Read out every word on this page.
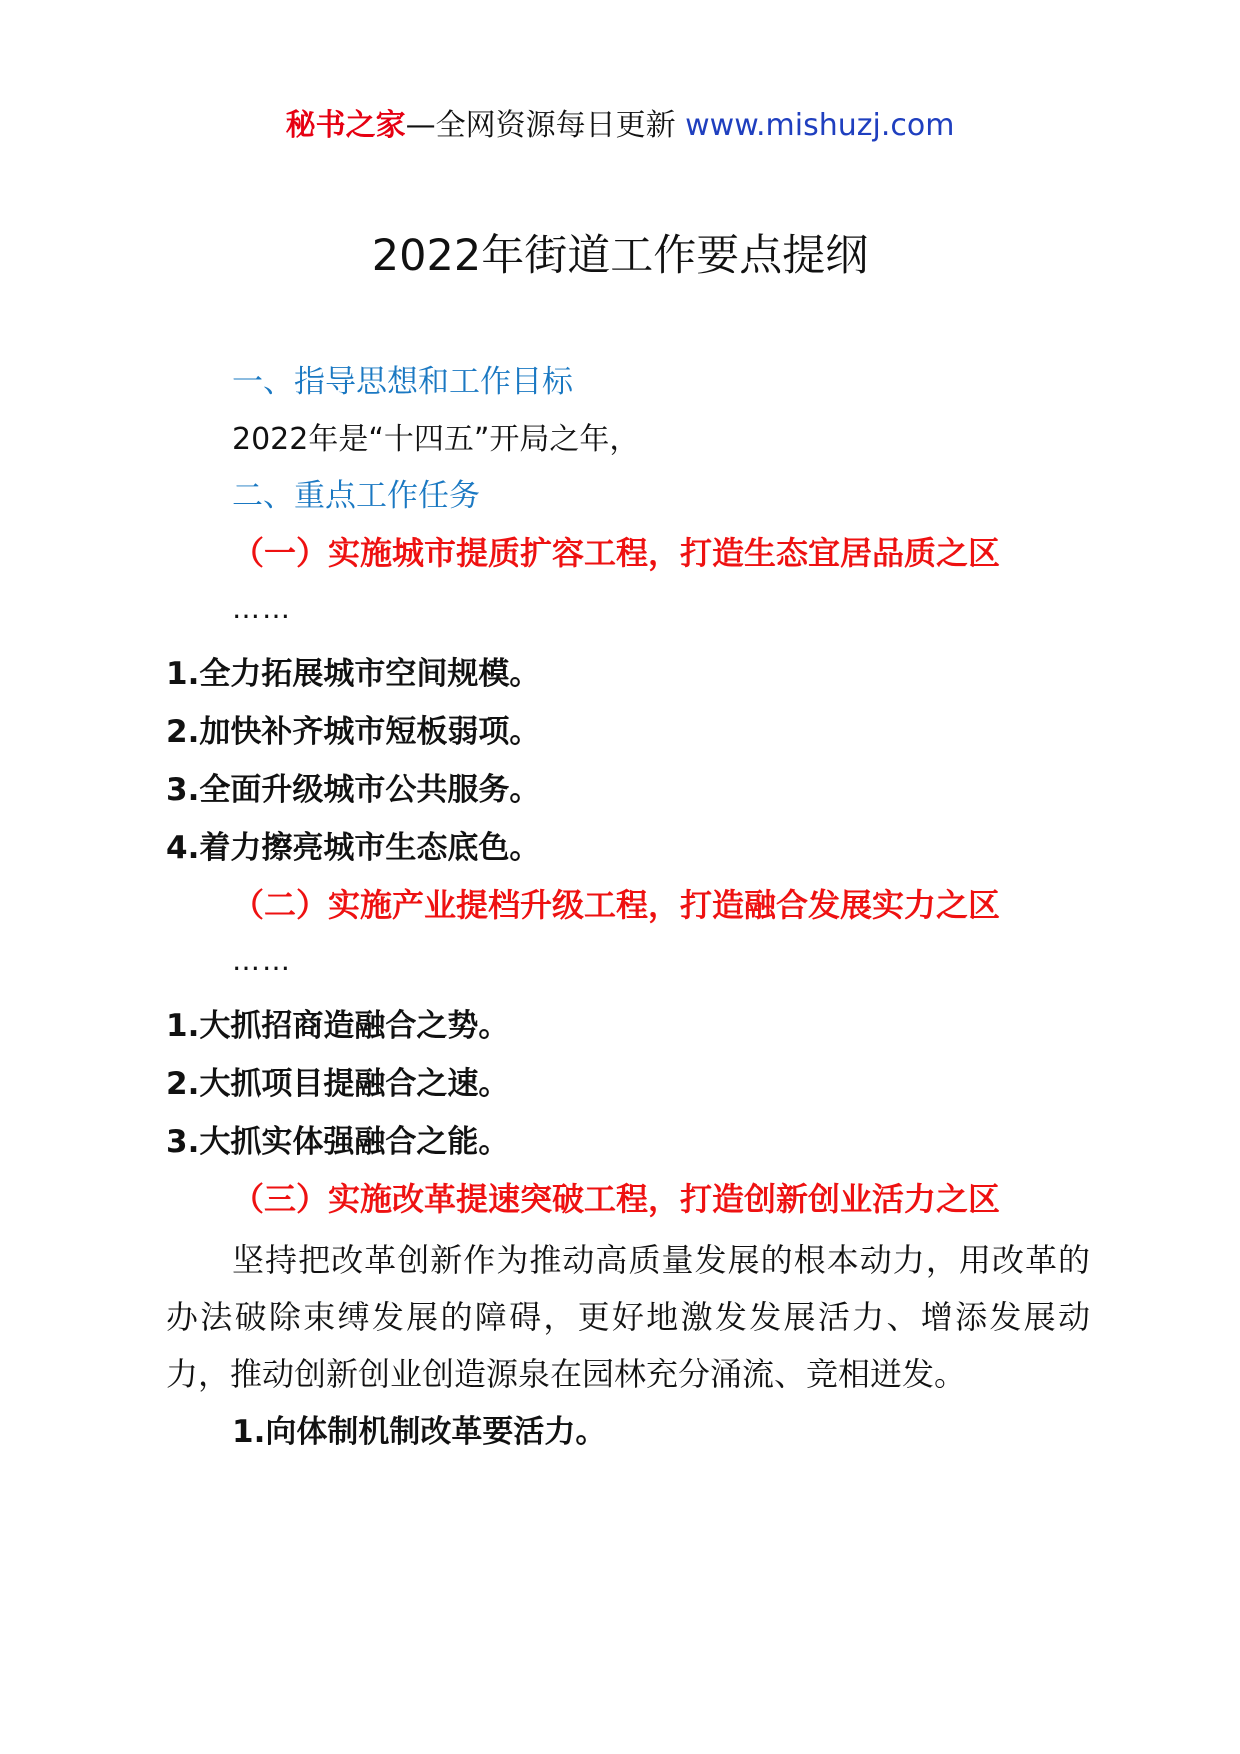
秘书之家—全网资源每日更新 www.mishuzj.com
2022年街道工作要点提纲
一、指导思想和工作目标
2022年是“十四五”开局之年，
二、重点工作任务
（一）实施城市提质扩容工程，打造生态宜居品质之区
……
1.全力拓展城市空间规模。
2.加快补齐城市短板弱项。
3.全面升级城市公共服务。
4.着力擦亮城市生态底色。
（二）实施产业提档升级工程，打造融合发展实力之区
……
1.大抓招商造融合之势。
2.大抓项目提融合之速。
3.大抓实体强融合之能。
（三）实施改革提速突破工程，打造创新创业活力之区
坚持把改革创新作为推动高质量发展的根本动力，用改革的办法破除束缚发展的障碍，更好地激发发展活力、增添发展动力，推动创新创业创造源泉在园林充分涌流、竞相迸发。
1.向体制机制改革要活力。
